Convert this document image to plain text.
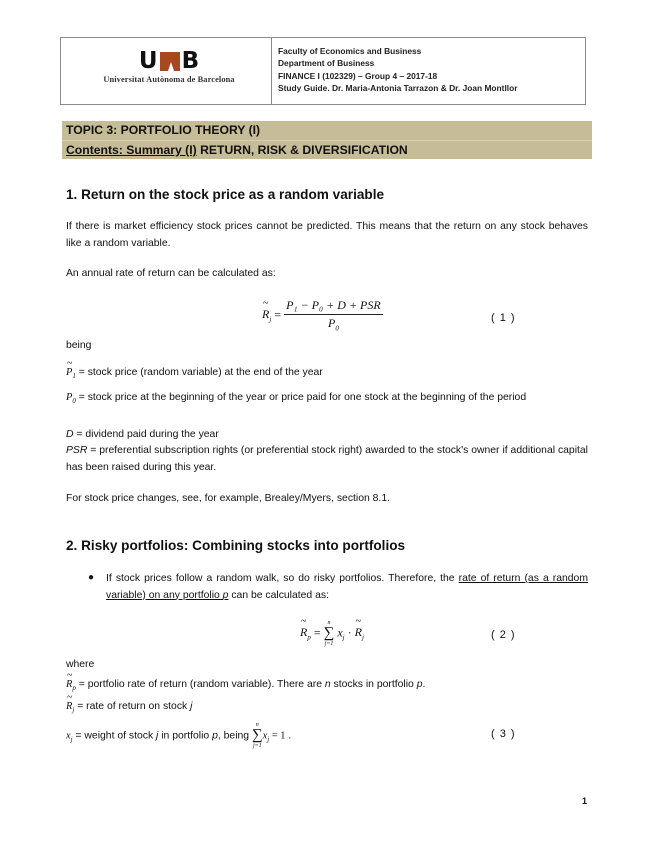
U B
Universitat Autònoma de Barcelona
Faculty of Economics and Business
Department of Business
FINANCE I (102329) – Group 4 – 2017-18
Study Guide. Dr. Maria-Antonia Tarrazon & Dr. Joan Montllor
TOPIC 3: PORTFOLIO THEORY (I)
Contents: Summary (I) RETURN, RISK & DIVERSIFICATION
1. Return on the stock price as a random variable
If there is market efficiency stock prices cannot be predicted. This means that the return on any stock behaves like a random variable.
An annual rate of return can be calculated as:
~ $R_j = \frac{\text{P₁ − P₀ + D + PSR}}{P_0}$	( 1 )
being
~ $P_1$ = stock price (random variable) at the end of the year
$P_0$ = stock price at the beginning of the year or price paid for one stock at the beginning of the period
D = dividend paid during the year
PSR = preferential subscription rights (or preferential stock right) awarded to the stock's owner if additional capital has been raised during this year.
For stock price changes, see, for example, Brealey/Myers, section 8.1.
2. Risky portfolios: Combining stocks into portfolios
● If stock prices follow a random walk, so do risky portfolios. Therefore, the rate of return (as a random variable) on any portfolio p can be calculated as:
~ $R_p$ =
n
∑
j=1
$x_j$ · ~ $R_j$	( 2 )
where
~ $R_p$ = portfolio rate of return (random variable). There are n stocks in portfolio p.
~ $R_j$ = rate of return on stock j
$x_j$ = weight of stock j in portfolio p, being
n
∑
j=1
$x_j = 1$ .	( 3 )
1
